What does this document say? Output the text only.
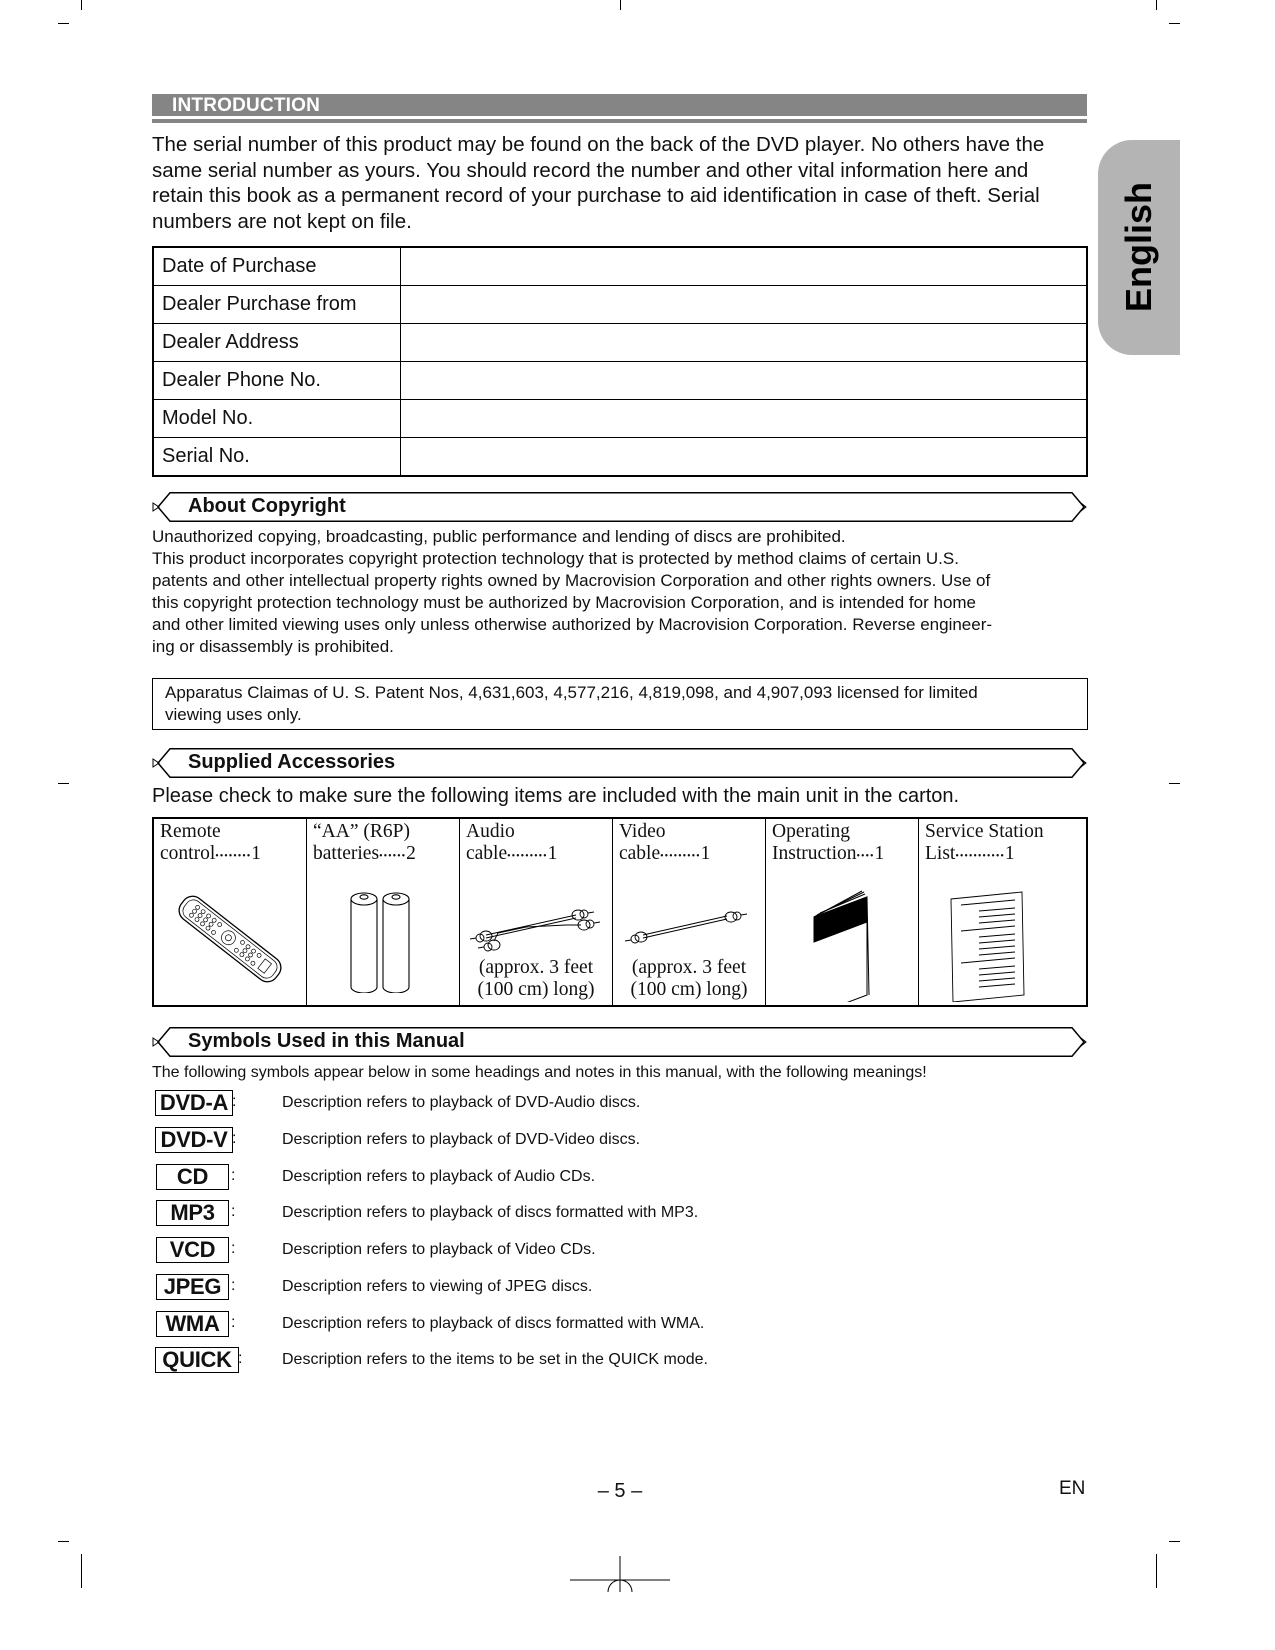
English
INTRODUCTION
The serial number of this product may be found on the back of the DVD player. No others have the
same serial number as yours. You should record the number and other vital information here and
retain this book as a permanent record of your purchase to aid identification in case of theft. Serial
numbers are not kept on file.
Date of Purchase	
Dealer Purchase from	
Dealer Address	
Dealer Phone No.	
Model No.	
Serial No.	
About Copyright
Unauthorized copying, broadcasting, public performance and lending of discs are prohibited.
This product incorporates copyright protection technology that is protected by method claims of certain U.S.
patents and other intellectual property rights owned by Macrovision Corporation and other rights owners. Use of
this copyright protection technology must be authorized by Macrovision Corporation, and is intended for home
and other limited viewing uses only unless otherwise authorized by Macrovision Corporation. Reverse engineer-
ing or disassembly is prohibited.
Apparatus Claimas of U. S. Patent Nos, 4,631,603, 4,577,216, 4,819,098, and 4,907,093 licensed for limited
viewing uses only.
Supplied Accessories
Please check to make sure the following items are included with the main unit in the carton.
Remote
control •••••••• 1

“AA” (R6P)
batteries •••••• 2

Audio
cable ••••••••• 1
(approx. 3 feet
(100 cm) long)

Video
cable ••••••••• 1
(approx. 3 feet
(100 cm) long)

Operating
Instruction •••• 1

Service Station
List ••••••••••• 1
Symbols Used in this Manual
The following symbols appear below in some headings and notes in this manual, with the following meanings!
DVD-A :	Description refers to playback of DVD-Audio discs.
DVD-V :	Description refers to playback of DVD-Video discs.
CD	:	Description refers to playback of Audio CDs.
MP3	:	Description refers to playback of discs formatted with MP3.
VCD :	Description refers to playback of Video CDs.
JPEG :	Description refers to viewing of JPEG discs.
WMA :	Description refers to playback of discs formatted with WMA.
QUICK : Description refers to the items to be set in the QUICK mode.
– 5 –	EN
